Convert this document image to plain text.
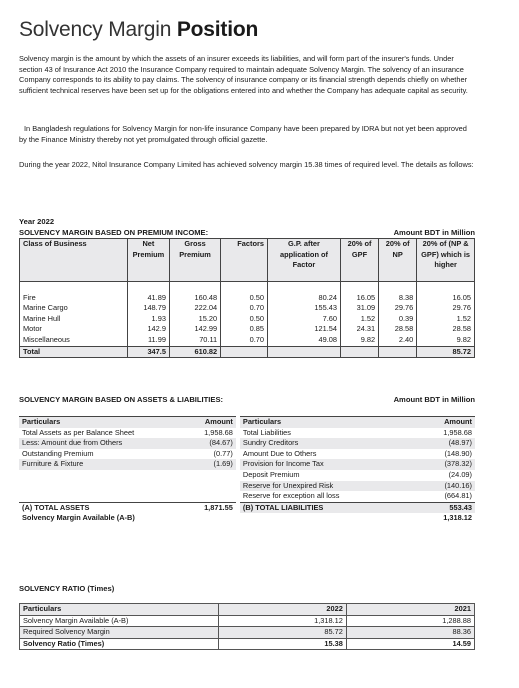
Solvency Margin Position
Solvency margin is the amount by which the assets of an insurer exceeds its liabilities, and will form part of the insurer's funds. Under section 43 of Insurance Act 2010 the Insurance Company required to maintain adequate Solvency Margin. The solvency of an insurance Company corresponds to its ability to pay claims. The solvency of insurance company or its financial strength depends chiefly on whether sufficient technical reserves have been set up for the obligations entered into and whether the Company has adequate capital as security.
In Bangladesh regulations for Solvency Margin for non-life insurance Company have been prepared by IDRA but not yet been approved by the Finance Ministry thereby not yet promulgated through official gazette.
During the year 2022, Nitol Insurance Company Limited has achieved solvency margin 15.38 times of required level. The details as follows:
Year 2022
SOLVENCY MARGIN BASED ON PREMIUM INCOME:	Amount BDT in Million
Class of Business	Net Premium	Gross Premium	Factors	G.P. after application of Factor	20% of GPF	20% of NP	20% of (NP & GPF) which is higher

Fire	41.89	160.48	0.50	80.24	16.05	8.38	16.05
Marine Cargo	148.79	222.04	0.70	155.43	31.09	29.76	29.76
Marine Hull	1.93	15.20	0.50	7.60	1.52	0.39	1.52
Motor	142.9	142.99	0.85	121.54	24.31	28.58	28.58
Miscellaneous	11.99	70.11	0.70	49.08	9.82	2.40	9.82
Total	347.5	610.82					85.72
SOLVENCY MARGIN BASED ON ASSETS & LIABILITIES:	Amount BDT in Million
Particulars	Amount		Particulars	Amount
Total Assets as per Balance Sheet	1,958.68		Total Liabilities	1,958.68
Less: Amount due from Others	(84.67)		Sundry Creditors	(48.97)
Outstanding Premium	(0.77)		Amount Due to Others	(148.90)
Furniture & Fixture	(1.69)		Provision for Income Tax	(378.32)
			Deposit Premium	(24.09)
			Reserve for Unexpired Risk	(140.16)
			Reserve for exception all loss	(664.81)
(A) TOTAL ASSETS	1,871.55		(B) TOTAL LIABILITIES	553.43
Solvency Margin Available (A-B)				1,318.12
SOLVENCY RATIO (Times)
Particulars	2022	2021
Solvency Margin Available (A-B)	1,318.12	1,288.88
Required Solvency Margin	85.72	88.36
Solvency Ratio (Times)	15.38	14.59
